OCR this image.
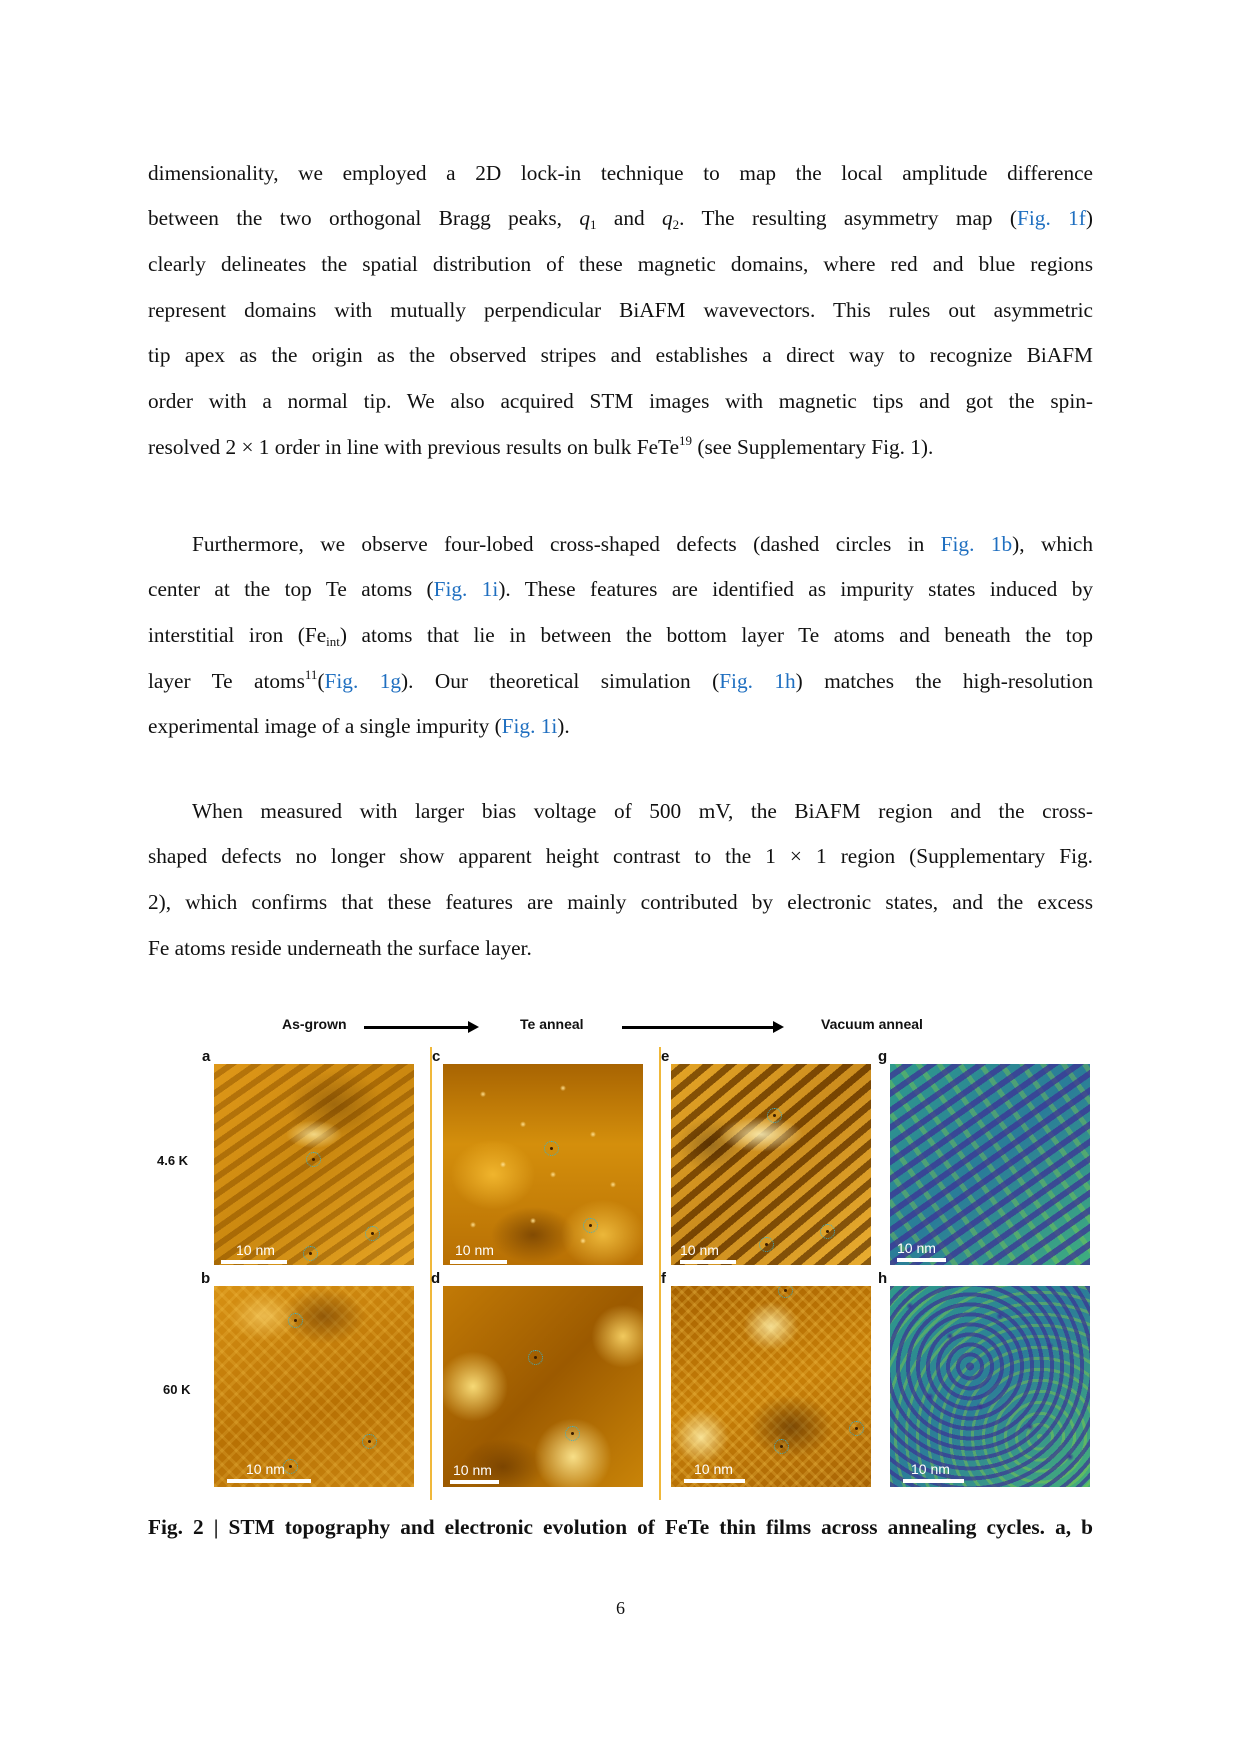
dimensionality, we employed a 2D lock-in technique to map the local amplitude difference
between the two orthogonal Bragg peaks, $q_1$ and $q_2$. The resulting asymmetry map (Fig. 1f)
clearly delineates the spatial distribution of these magnetic domains, where red and blue regions
represent domains with mutually perpendicular BiAFM wavevectors. This rules out asymmetric
tip apex as the origin as the observed stripes and establishes a direct way to recognize BiAFM
order with a normal tip. We also acquired STM images with magnetic tips and got the spin-
resolved 2 × 1 order in line with previous results on bulk FeTe$^{19}$ (see Supplementary Fig. 1).
Furthermore, we observe four-lobed cross-shaped defects (dashed circles in Fig. 1b), which
center at the top Te atoms (Fig. 1i). These features are identified as impurity states induced by
interstitial iron $(Fe_{int})$ atoms that lie in between the bottom layer Te atoms and beneath the top
layer Te atoms$^{11}$(Fig. 1g). Our theoretical simulation (Fig. 1h) matches the high-resolution
experimental image of a single impurity (Fig. 1i).
When measured with larger bias voltage of 500 mV, the BiAFM region and the cross-
shaped defects no longer show apparent height contrast to the 1 × 1 region (Supplementary Fig.
2), which confirms that these features are mainly contributed by electronic states, and the excess
Fe atoms reside underneath the surface layer.
As-grown	Te anneal	Vacuum anneal
4.6 K
60 K
a
b
c
d
e
f
g
h
10 nm
10 nm
10 nm
10 nm
10 nm
10 nm
10 nm
10 nm
Fig. 2 | STM topography and electronic evolution of FeTe thin films across annealing cycles. a, b
6
